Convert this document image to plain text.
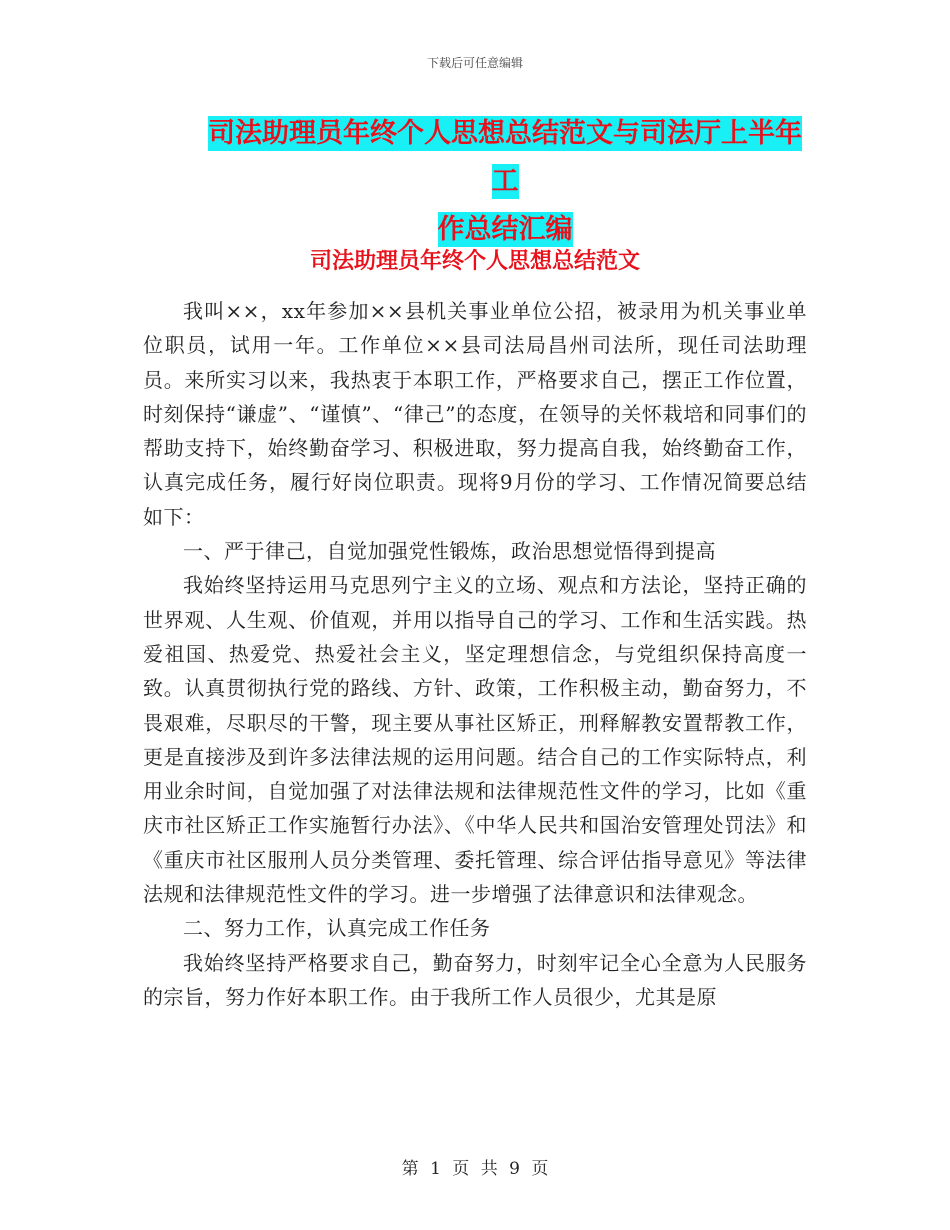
下载后可任意编辑
司法助理员年终个人思想总结范文与司法厅上半年工
作总结汇编
司法助理员年终个人思想总结范文

我叫××，xx年参加××县机关事业单位公招，被录用为机关事业单位职员，试用一年。工作单位××县司法局昌州司法所，现任司法助理员。来所实习以来，我热衷于本职工作，严格要求自己，摆正工作位置，时刻保持“谦虚”、“谨慎”、“律己”的态度，在领导的关怀栽培和同事们的帮助支持下，始终勤奋学习、积极进取，努力提高自我，始终勤奋工作，认真完成任务，履行好岗位职责。现将9月份的学习、工作情况简要总结如下：

一、严于律己，自觉加强党性锻炼，政治思想觉悟得到提高

我始终坚持运用马克思列宁主义的立场、观点和方法论，坚持正确的世界观、人生观、价值观，并用以指导自己的学习、工作和生活实践。热爱祖国、热爱党、热爱社会主义，坚定理想信念，与党组织保持高度一致。认真贯彻执行党的路线、方针、政策，工作积极主动，勤奋努力，不畏艰难，尽职尽的干警，现主要从事社区矫正，刑释解教安置帮教工作，更是直接涉及到许多法律法规的运用问题。结合自己的工作实际特点，利用业余时间，自觉加强了对法律法规和法律规范性文件的学习，比如《重庆市社区矫正工作实施暂行办法》、《中华人民共和国治安管理处罚法》和《重庆市社区服刑人员分类管理、委托管理、综合评估指导意见》等法律法规和法律规范性文件的学习。进一步增强了法律意识和法律观念。

二、努力工作，认真完成工作任务

我始终坚持严格要求自己，勤奋努力，时刻牢记全心全意为人民服务的宗旨，努力作好本职工作。由于我所工作人员很少，尤其是原

第 1 页 共 9 页
